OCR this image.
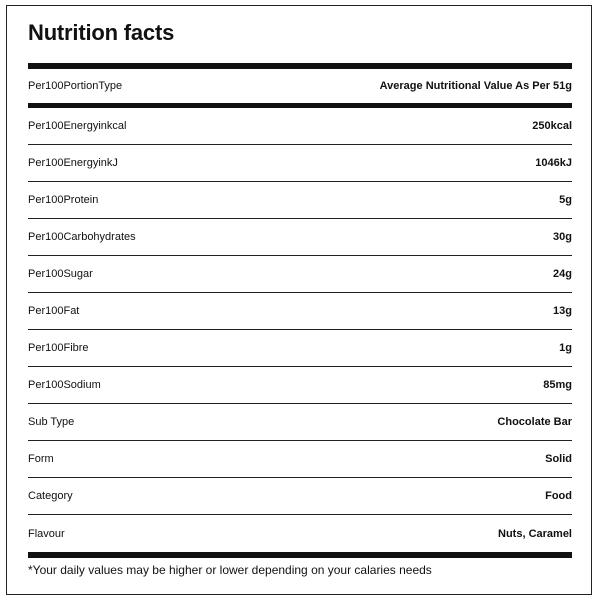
Nutrition facts
Per100PortionType	Average Nutritional Value As Per 51g
Per100Energyinkcal	250kcal
Per100EnergyinkJ	1046kJ
Per100Protein	5g
Per100Carbohydrates	30g
Per100Sugar	24g
Per100Fat	13g
Per100Fibre	1g
Per100Sodium	85mg
Sub Type	Chocolate Bar
Form	Solid
Category	Food
Flavour	Nuts, Caramel
*Your daily values may be higher or lower depending on your calaries needs
